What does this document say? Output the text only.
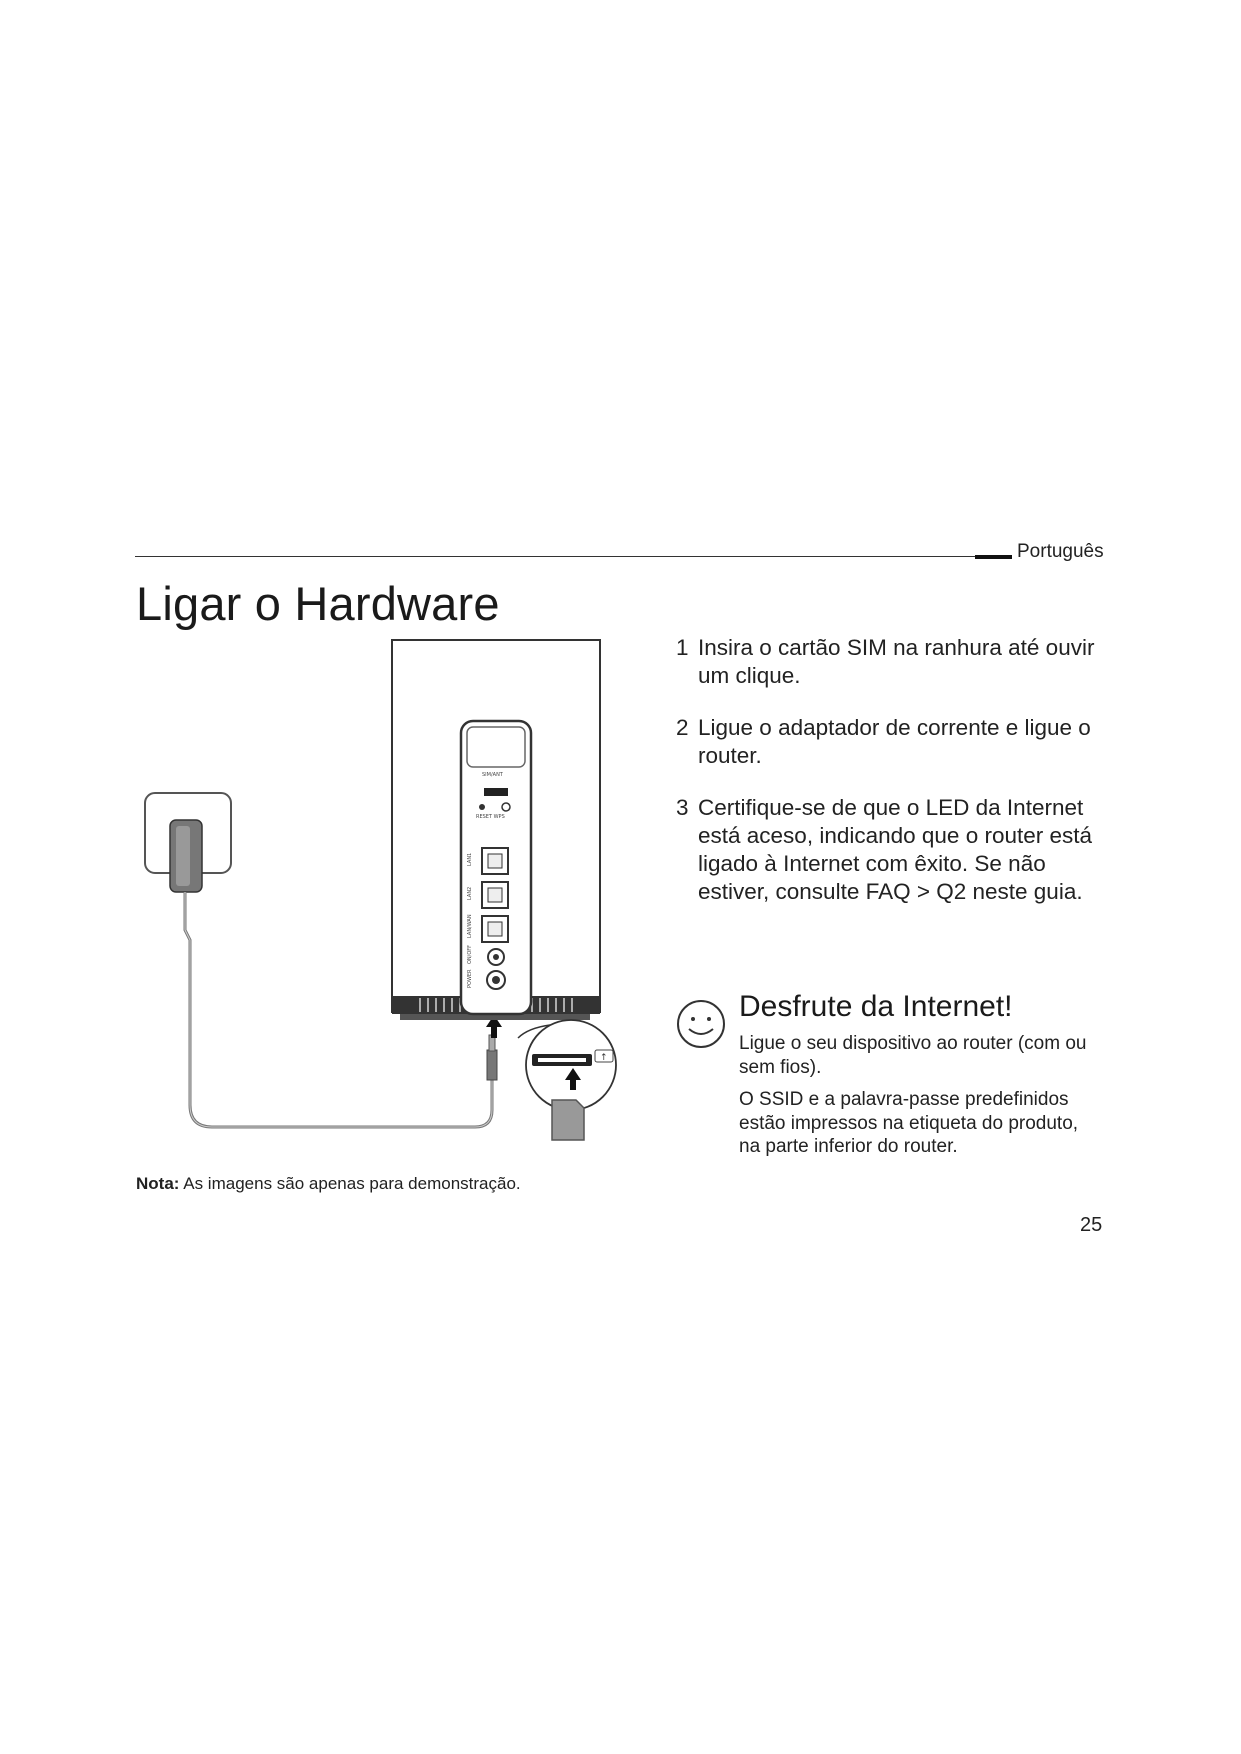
Português
Ligar o Hardware
SIM/ANT
RESET WPS
LAN1
LAN2
LAN/WAN
ON/OFF
POWER
↑
1 Insira o cartão SIM na ranhura até ouvir um clique.
2 Ligue o adaptador de corrente e ligue o router.
3 Certifique-se de que o LED da Internet está aceso, indicando que o router está ligado à Internet com êxito. Se não estiver, consulte FAQ > Q2 neste guia.
Desfrute da Internet!
Ligue o seu dispositivo ao router (com ou sem fios).
O SSID e a palavra-passe predefinidos estão impressos na etiqueta do produto, na parte inferior do router.
Nota: As imagens são apenas para demonstração.
25
